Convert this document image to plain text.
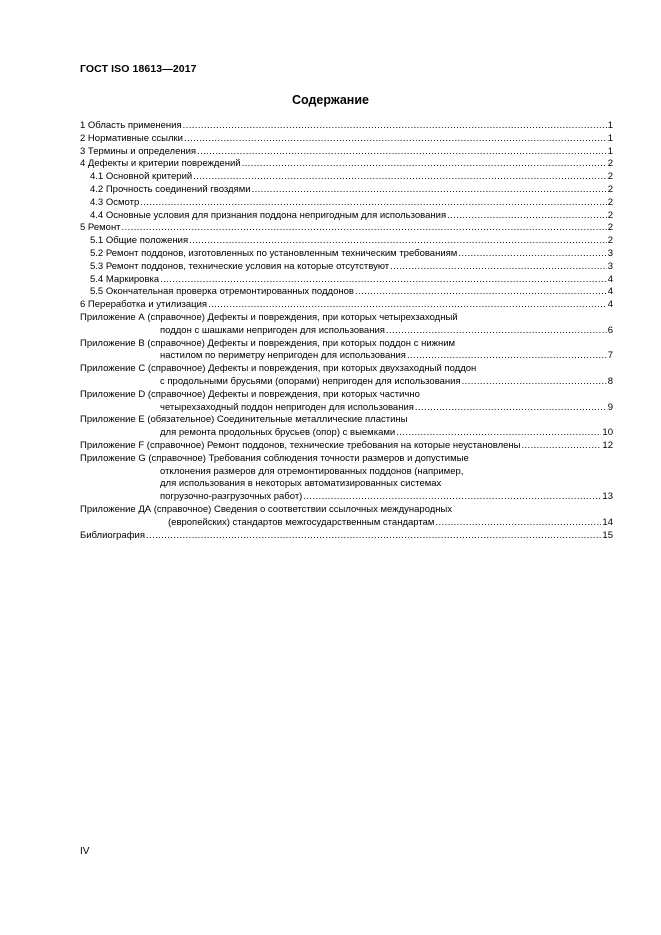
ГОСТ ISO 18613—2017
Содержание
1 Область применения .....	1
2 Нормативные ссылки .....	1
3 Термины и определения .....	1
4 Дефекты и критерии повреждений .....	2
4.1 Основной критерий .....	2
4.2 Прочность соединений гвоздями .....	2
4.3 Осмотр .....	2
4.4 Основные условия для признания поддона непригодным для использования .....	2
5 Ремонт .....	2
5.1 Общие положения .....	2
5.2 Ремонт поддонов, изготовленных по установленным техническим требованиям .....	3
5.3 Ремонт поддонов, технические условия на которые отсутствуют .....	3
5.4 Маркировка .....	4
5.5 Окончательная проверка отремонтированных поддонов .....	4
6 Переработка и утилизация .....	4
Приложение А (справочное) Дефекты и повреждения, при которых четырехзаходный
поддон с шашками непригоден для использования .....	6
Приложение В (справочное) Дефекты и повреждения, при которых поддон с нижним
настилом по периметру непригоден для использования .....	7
Приложение С (справочное) Дефекты и повреждения, при которых двухзаходный поддон
с продольными брусьями (опорами) непригоден для использования .....	8
Приложение D (справочное) Дефекты и повреждения, при которых частично
четырехзаходный поддон непригоден для использования .....	9
Приложение Е (обязательное) Соединительные металлические пластины
для ремонта продольных брусьев (опор) с выемками .....	10
Приложение F (справочное) Ремонт поддонов, технические требования на которые неустановлены .....	12
Приложение G (справочное) Требования соблюдения точности размеров и допустимые
отклонения размеров для отремонтированных поддонов (например,
для использования в некоторых автоматизированных системах
погрузочно-разгрузочных работ) .....	13
Приложение ДА (справочное) Сведения о соответствии ссылочных международных
(европейских) стандартов межгосударственным стандартам .....	14
Библиография .....	15
IV
